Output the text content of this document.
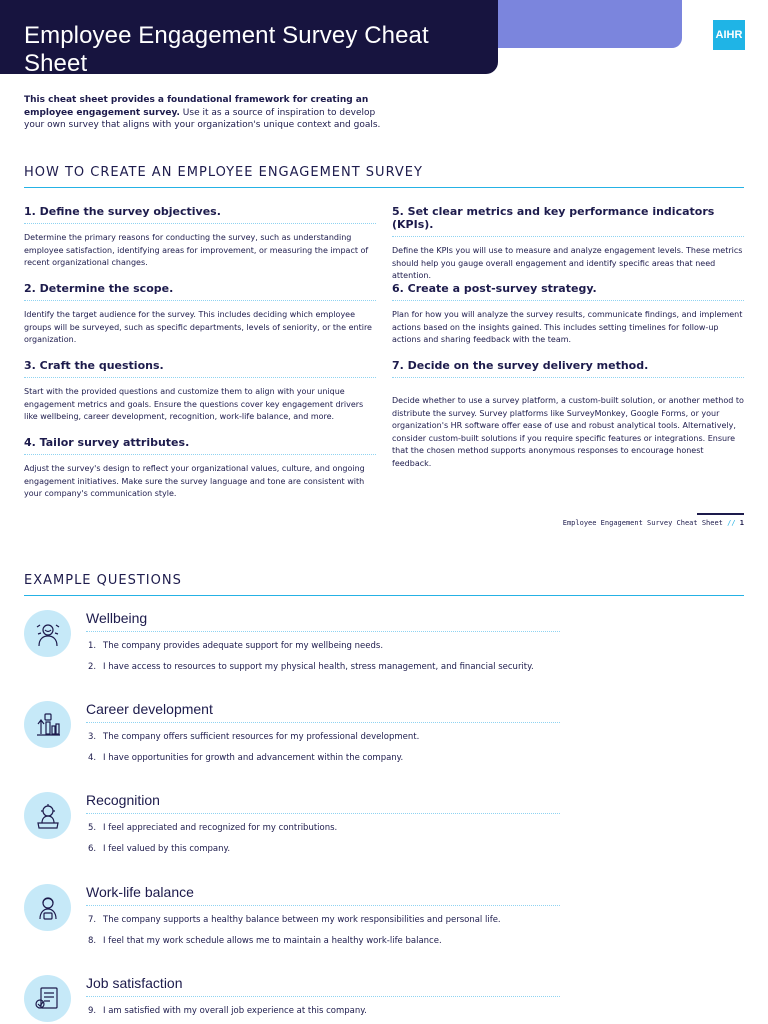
Employee Engagement Survey Cheat Sheet
AIHR

This cheat sheet provides a foundational framework for creating an employee engagement survey. Use it as a source of inspiration to develop your own survey that aligns with your organization's unique context and goals.

HOW TO CREATE AN EMPLOYEE ENGAGEMENT SURVEY
1. Define the survey objectives.
Determine the primary reasons for conducting the survey, such as understanding employee satisfaction, identifying areas for improvement, or measuring the impact of recent organizational changes.
2. Determine the scope.
Identify the target audience for the survey. This includes deciding which employee groups will be surveyed, such as specific departments, levels of seniority, or the entire organization.
3. Craft the questions.
Start with the provided questions and customize them to align with your unique engagement metrics and goals. Ensure the questions cover key engagement drivers like wellbeing, career development, recognition, work-life balance, and more.
4. Tailor survey attributes.
Adjust the survey's design to reflect your organizational values, culture, and ongoing engagement initiatives. Make sure the survey language and tone are consistent with your company's communication style.
5. Set clear metrics and key performance indicators (KPIs).
Define the KPIs you will use to measure and analyze engagement levels. These metrics should help you gauge overall engagement and identify specific areas that need attention.
6. Create a post-survey strategy.
Plan for how you will analyze the survey results, communicate findings, and implement actions based on the insights gained. This includes setting timelines for follow-up actions and sharing feedback with the team.
7. Decide on the survey delivery method.
Decide whether to use a survey platform, a custom-built solution, or another method to distribute the survey. Survey platforms like SurveyMonkey, Google Forms, or your organization's HR software offer ease of use and robust analytical tools. Alternatively, consider custom-built solutions if you require specific features or integrations. Ensure that the chosen method supports anonymous responses to encourage honest feedback.
Employee Engagement Survey Cheat Sheet // 1
EXAMPLE QUESTIONS
Wellbeing
1. The company provides adequate support for my wellbeing needs.
2. I have access to resources to support my physical health, stress management, and financial security.
Career development
3. The company offers sufficient resources for my professional development.
4. I have opportunities for growth and advancement within the company.
Recognition
5. I feel appreciated and recognized for my contributions.
6. I feel valued by this company.
Work-life balance
7. The company supports a healthy balance between my work responsibilities and personal life.
8. I feel that my work schedule allows me to maintain a healthy work-life balance.
Job satisfaction
9. I am satisfied with my overall job experience at this company.
